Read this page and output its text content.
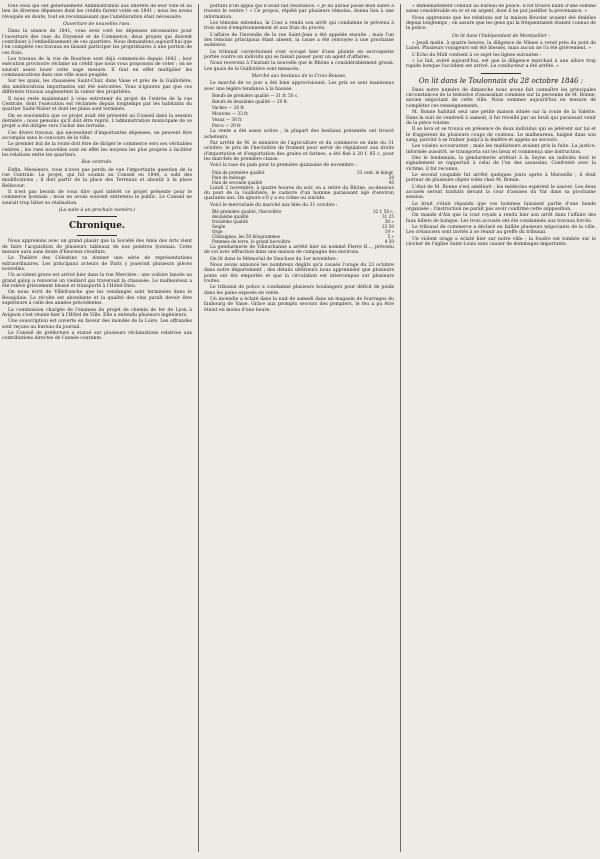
tous ceux qui ont généralement Administration aux intérêts de leur ville et au lieu de diverses dépenses dont les crédits furent votés en 1841 ; nous les avons révoqués en doute, tout en reconnaissant que l'amélioration était nécessaire.

Ouverture de nouvelles rues.

Dans la séance de 1841, vous avez voté les dépenses nécessaires pour l'ouverture des rues du Doyenné et de Commerce, deux projets qui doivent contribuer à l'embellissement de ces quartiers. Nous demandons aujourd'hui que l'on complète ces travaux en faisant participer les propriétaires à une portion de ces frais.

Les travaux de la rue de Bourbon sont déjà commencés depuis 1842 ; leur exécution provisoire réclame un crédit que nous vous proposons de voter ; on ne saurait assez louer cette sage mesure. Il faut en effet multiplier les communications dans une ville aussi peuplée.

Sur les quais, les chaussées Saint-Clair, dans Vaise et près de la Guillotière, des améliorations importantes ont été exécutées. Vous n'ignorez pas que ces différents travaux augmentent la valeur des propriétés.

Il nous reste maintenant à vous entretenir du projet de l'entrée de la rue Centrale, dont l'exécution est réclamée depuis longtemps par les habitants du quartier Saint-Nizier et dont les plans sont terminés.

On se souviendra que ce projet avait été présenté au Conseil dans la session dernière ; nous pensons qu'il doit être repris. L'administration municipale de ce projet a été dirigée vers l'achat des terrains.

Ces divers travaux, qui nécessitent d'importantes dépenses, ne peuvent être accomplis sans le concours de la ville.

Le premier but de la route doit être de diriger le commerce vers ses véritables centres ; les rues nouvelles sont en effet les moyens les plus propres à faciliter les relations entre les quartiers.

Rue centrale.

Enfin, Messieurs, vous n'avez pas perdu de vue l'importante question de la rue Centrale. Le projet, qui fut soumis au Conseil en 1844, a subi des modifications ; il doit partir de la place des Terreaux et aboutir à la place Bellecour.

Il n'est pas besoin de vous dire quel intérêt ce projet présente pour le commerce lyonnais ; nous en avons souvent entretenu le public. Le Conseil ne saurait trop hâter sa réalisation.

(La suite à un prochain numéro.)

Chronique.

Nous apprenons avec un grand plaisir que la Société des Amis des Arts vient de faire l'acquisition de plusieurs tableaux de nos peintres lyonnais. Cette mesure aura sans doute d'heureux résultats.

Le Théâtre des Célestins va donner une série de représentations extraordinaires. Les principaux acteurs de Paris y joueront plusieurs pièces nouvelles.

Un accident grave est arrivé hier dans la rue Mercière : une voiture lancée au grand galop a renversé un vieillard qui traversait la chaussée. Le malheureux a été relevé grièvement blessé et transporté à l'Hôtel-Dieu.

On nous écrit de Villefranche que les vendanges sont terminées dans le Beaujolais. La récolte est abondante et la qualité des vins paraît devoir être supérieure à celle des années précédentes.

La commission chargée de l'examen du projet de chemin de fer de Lyon à Avignon s'est réunie hier à l'Hôtel de Ville. Elle a entendu plusieurs ingénieurs.

Une souscription est ouverte en faveur des inondés de la Loire. Les offrandes sont reçues au bureau du journal.

Le Conseil de préfecture a statué sur plusieurs réclamations relatives aux contributions directes de l'année courante.

portant d'un appui qui n'avait fait résistance. « Je lui aurais passé mon sabre à travers le ventre ! » Ce propos, répété par plusieurs témoins, donna lieu à une information.

Les témoins entendus, la Cour a rendu son arrêt qui condamne le prévenu à trois mois d'emprisonnement et aux frais du procès.

L'affaire de l'incendie de la rue Saint-Jean a été appelée ensuite ; mais l'un des témoins principaux étant absent, la cause a été renvoyée à une prochaine audience.

Le tribunal correctionnel s'est occupé hier d'une plainte en escroquerie portée contre un individu qui se faisait passer pour un agent d'affaires.

Nous recevons à l'instant la nouvelle que le Rhône a considérablement grossi. Les quais de la Guillotière sont menacés.

Marché aux bestiaux de la Croix-Rousse.

Le marché de ce jour a été bien approvisionné. Les prix se sont maintenus avec une légère tendance à la hausse.

Bœufs de première qualité — 31 fr. 50 c.

Bœufs de deuxième qualité — 29 fr.

Vaches — 26 fr.

Moutons — 33 fr.

Veaux — 38 fr.

Porcs — 29 fr.

La vente a été assez active ; la plupart des bestiaux présentés ont trouvé acheteurs.

Par arrêté de M. le ministre de l'agriculture et du commerce en date du 31 octobre, le prix de l'hectolitre de froment pour servir de régulateur aux droits d'importation et d'exportation des grains et farines, a été fixé à 20 f. 85 c. pour les marchés de première classe.

Voici la taxe du pain pour la première quinzaine de novembre :

Pain de première qualité	33 cent. le kilogr.
Pain de ménage	28
Pain de seconde qualité	45

Lundi 2 novembre, à quatre heures du soir, on a retiré du Rhône, au-dessous du pont de la Guillotière, le cadavre d'un homme paraissant âgé d'environ quarante ans. On ignore s'il y a eu crime ou suicide.

Voici le mercuriale du marché aux blés du 31 octobre :

Blé première qualité, l'hectolitre	32 f. 50 c.
deuxième qualité	31 25
troisième qualité	30 »
Seigle	23 50
Orge	19 »
Châtaignes, les 50 kilogrammes	5 »
Pommes de terre, le grand hectolitre	4 50

La gendarmerie de Villeurbanne a arrêté hier un nommé Pierre B..., prévenu de vol avec effraction dans une maison de campagne des environs.

On lit dans le Mémorial de Vaucluse du 1er novembre :

Nous avons annoncé les nombreux dégâts qu'a causés l'orage du 23 octobre dans notre département ; des détails ultérieurs nous apprennent que plusieurs ponts ont été emportés et que la circulation est interrompue sur plusieurs routes.

Le tribunal de police a condamné plusieurs boulangers pour déficit de poids dans les pains exposés en vente.

Un incendie a éclaté dans la nuit de samedi dans un magasin de fourrages du faubourg de Vaise. Grâce aux prompts secours des pompiers, le feu a pu être éteint en moins d'une heure.

« immédiatement conduit au bureau de police. Il fut trouvé nanti d'une somme assez considérable en or et en argent, dont il ne put justifier la provenance. »

Nous apprenons que les relations sur la maison Bouvier avaient été établies depuis longtemps ; on assure que les gens qui la fréquentaient étaient connus de la police.

On lit dans l'Indépendant de Montpellier :

« Jeudi matin, à quatre heures, la diligence de Nîmes a versé près du pont de Lunel. Plusieurs voyageurs ont été blessés, mais aucun ne l'a été grièvement. »

L'Echo du Midi contient à ce sujet les lignes suivantes :

« Le fait, avéré aujourd'hui, est que la diligence marchait à une allure trop rapide lorsque l'accident est arrivé. Le conducteur a été arrêté. »

On lit dans le Toulonnais du 28 octobre 1846 :

Dans notre numéro de dimanche nous avons fait connaître les principales circonstances de la tentative d'assassinat commise sur la personne de M. Bonne, ancien négociant de cette ville. Nous sommes aujourd'hui en mesure de compléter ces renseignements.

M. Bonne habitait seul une petite maison située sur la route de la Valette. Dans la nuit de vendredi à samedi, il fut réveillé par un bruit qui paraissait venir de la pièce voisine.

Il se leva et se trouva en présence de deux individus qui se jetèrent sur lui et le frappèrent de plusieurs coups de couteau. Le malheureux, baigné dans son sang, parvint à se traîner jusqu'à la fenêtre et appela au secours.

Les voisins accoururent ; mais les malfaiteurs avaient pris la fuite. La justice, informée aussitôt, se transporta sur les lieux et commença une instruction.

Dès le lendemain, la gendarmerie arrêtait à la Seyne un individu dont le signalement se rapportait à celui de l'un des assassins. Confronté avec la victime, il fut reconnu.

Le second coupable fut arrêté quelques jours après à Marseille ; il était porteur de plusieurs objets volés chez M. Bonne.

L'état de M. Bonne s'est amélioré ; les médecins espèrent le sauver. Les deux accusés seront traduits devant la cour d'assises du Var dans sa prochaine session.

Le bruit s'était répandu que ces hommes faisaient partie d'une bande organisée ; l'instruction ne paraît pas avoir confirmé cette supposition.

On mande d'Aix que la cour royale a rendu hier son arrêt dans l'affaire des faux billets de banque. Les trois accusés ont été condamnés aux travaux forcés.

Le tribunal de commerce a déclaré en faillite plusieurs négociants de la ville. Les créanciers sont invités à se réunir au greffe du tribunal.

Un violent orage a éclaté hier sur notre ville ; la foudre est tombée sur le clocher de l'église Saint-Louis sans causer de dommages importants.
